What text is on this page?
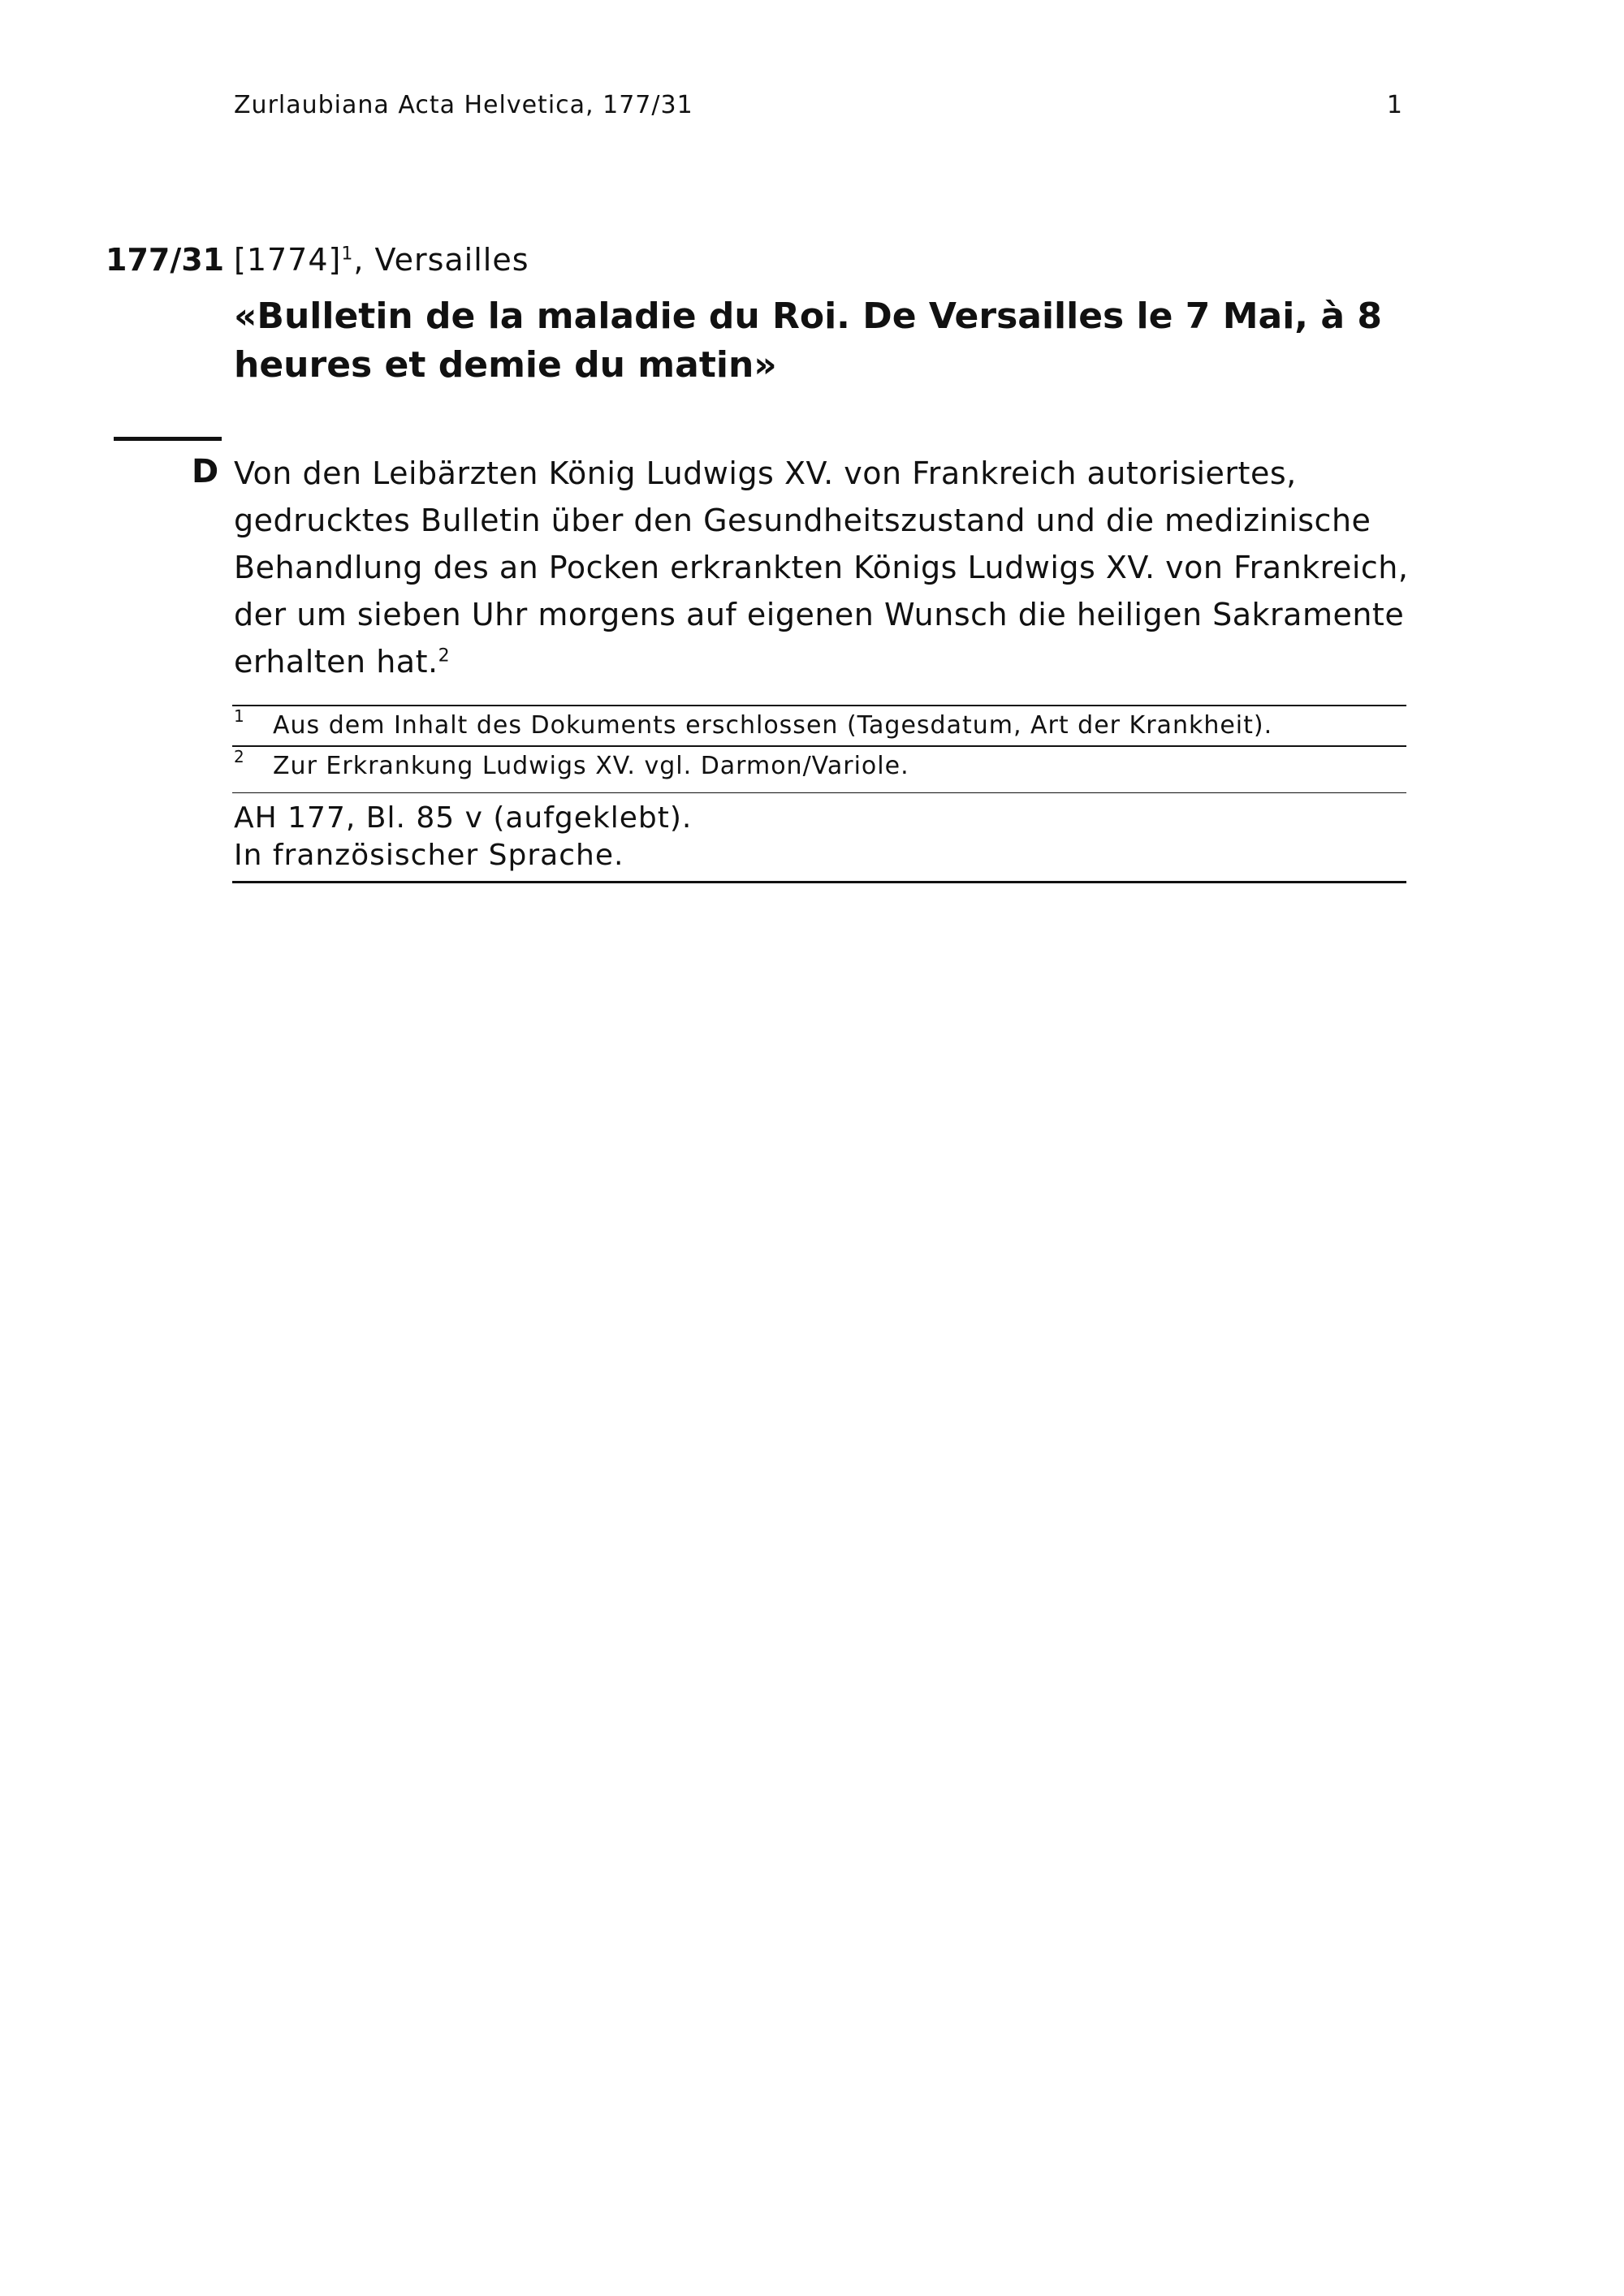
Zurlaubiana Acta Helvetica, 177/31	1
177/31 $[1774]^1$, Versailles
«Bulletin de la maladie du Roi. De Versailles le 7 Mai, à 8 heures et demie du matin»
D Von den Leibärzten König Ludwigs XV. von Frankreich autorisiertes, gedrucktes Bulletin über den Gesundheitszustand und die medizinische Behandlung des an Pocken erkrankten Königs Ludwigs XV. von Frankreich, der um sieben Uhr morgens auf eigenen Wunsch die heiligen Sakramente erhalten hat.$^2$
1 Aus dem Inhalt des Dokuments erschlossen (Tagesdatum, Art der Krankheit).
2 Zur Erkrankung Ludwigs XV. vgl. Darmon/Variole.
AH 177, Bl. 85 v (aufgeklebt).
In französischer Sprache.
